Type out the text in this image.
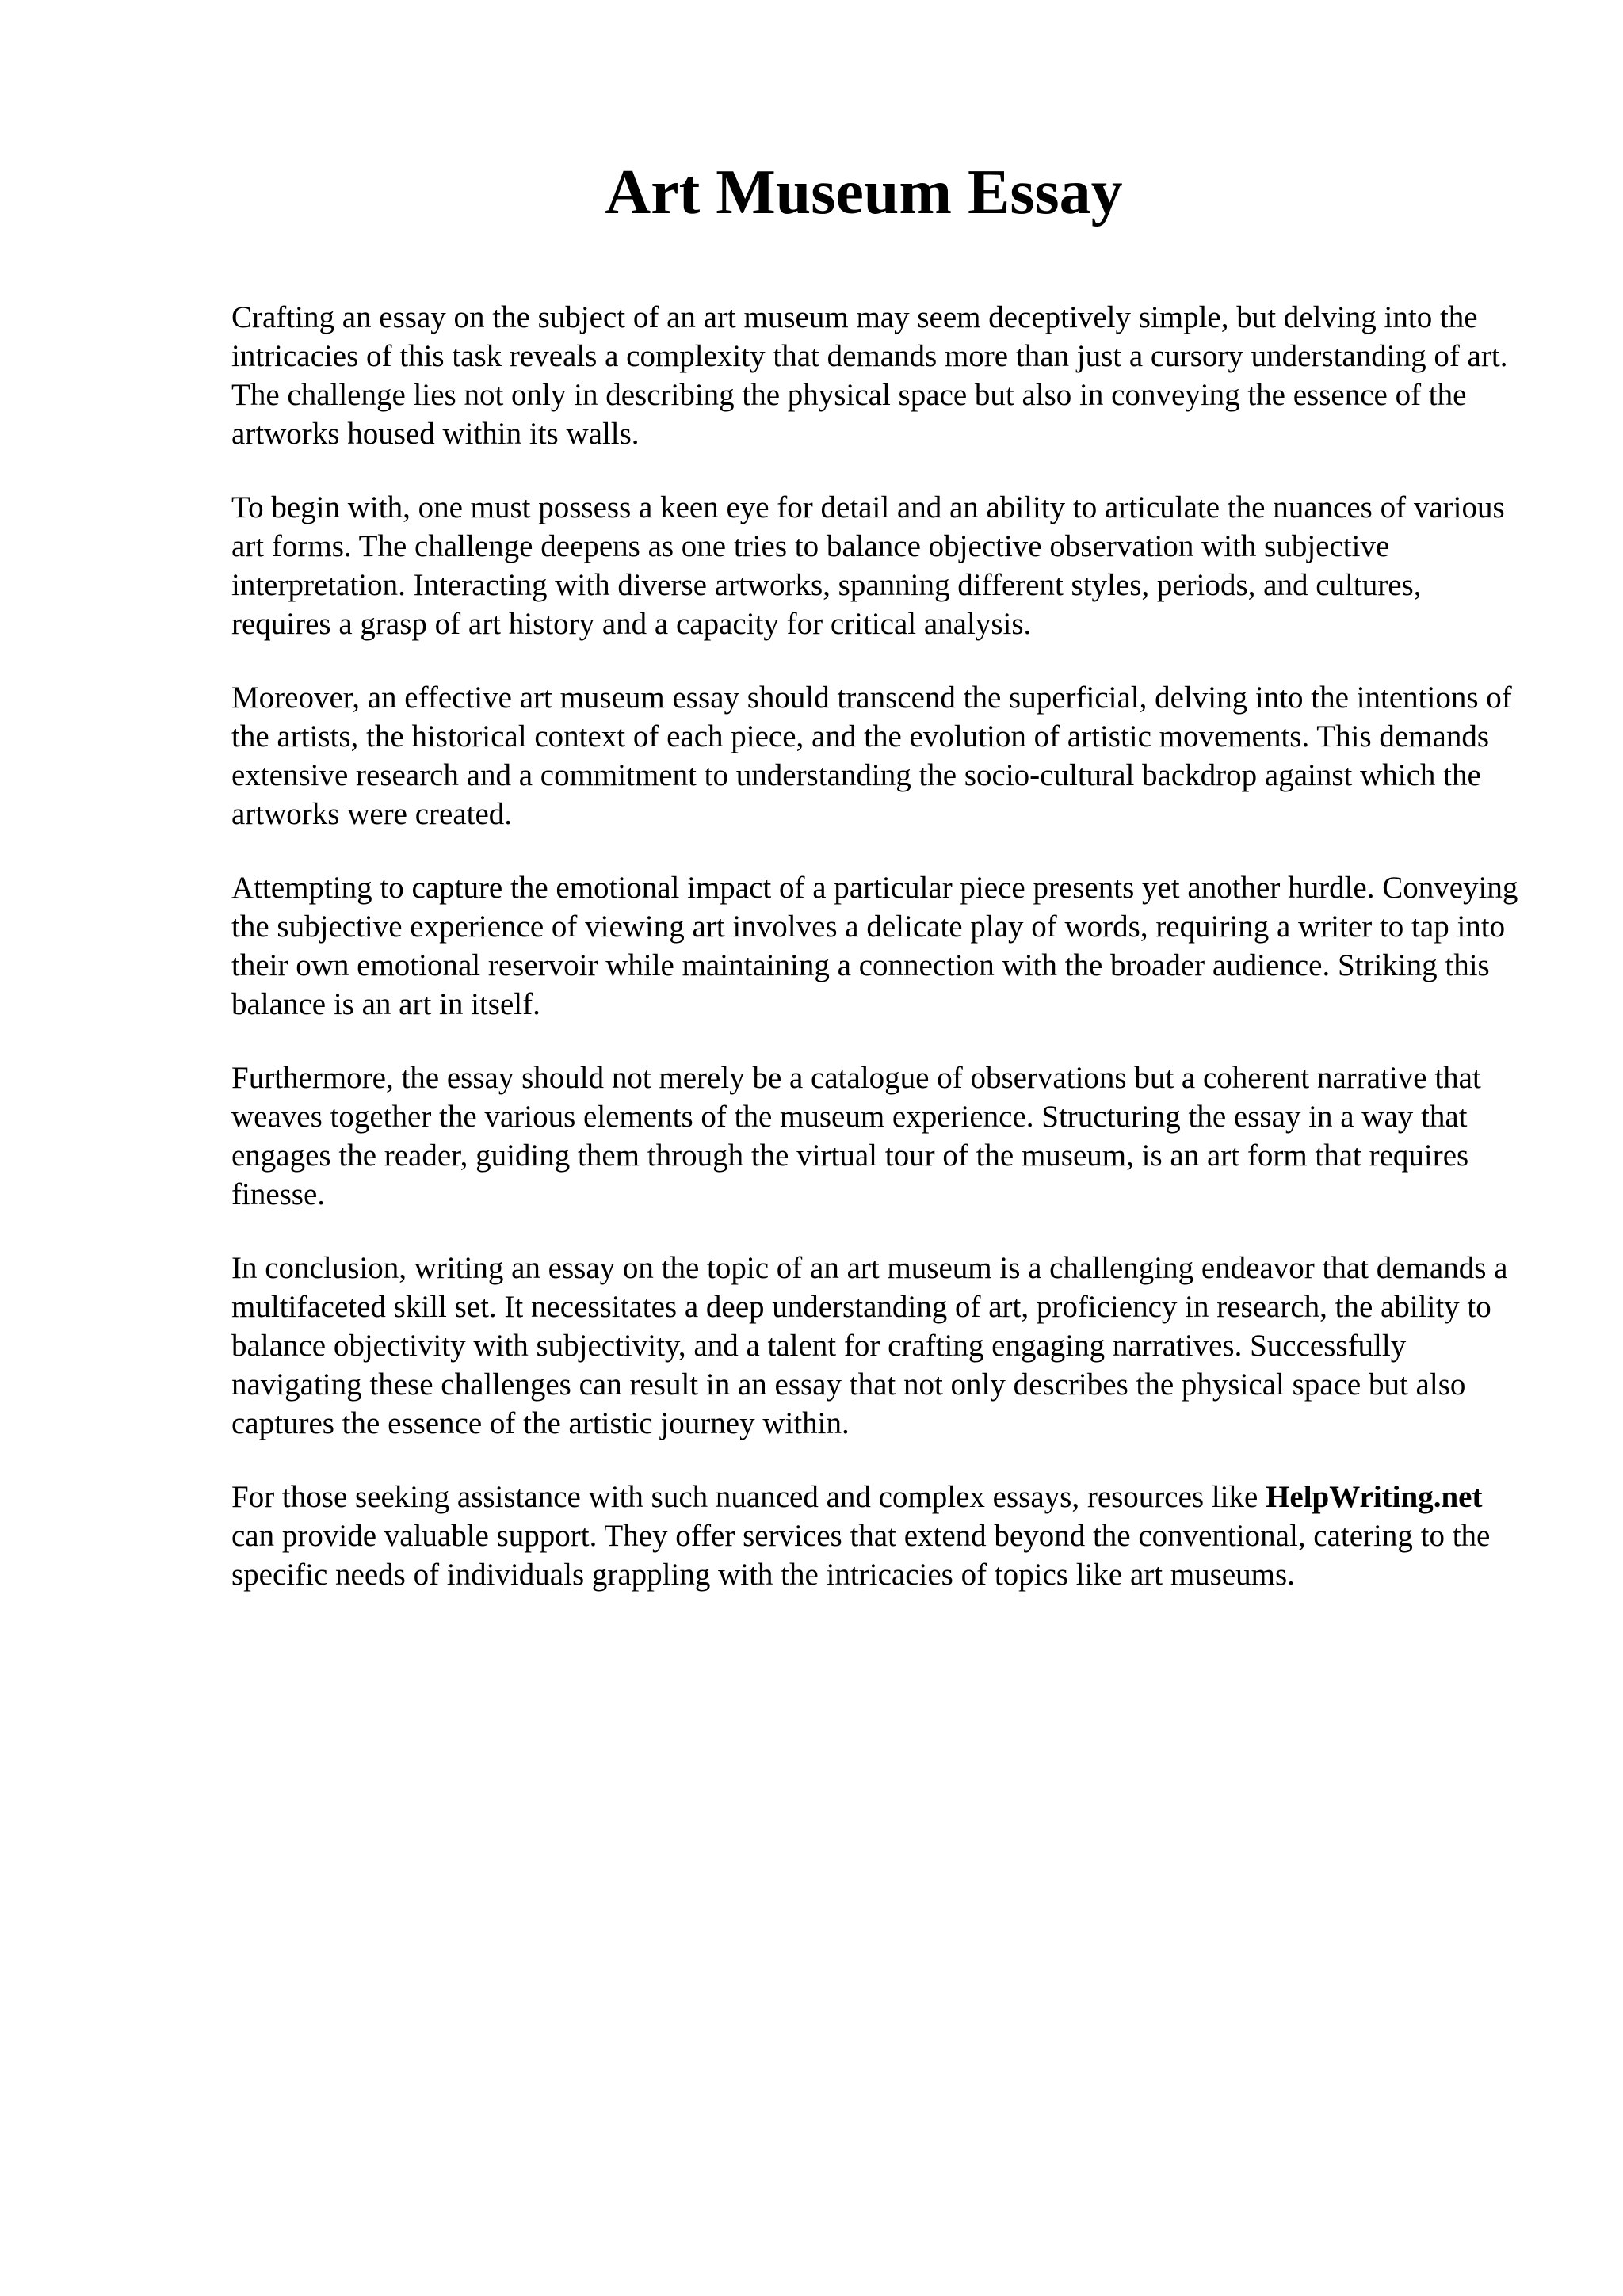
Art Museum Essay

Crafting an essay on the subject of an art museum may seem deceptively simple, but delving into the intricacies of this task reveals a complexity that demands more than just a cursory understanding of art. The challenge lies not only in describing the physical space but also in conveying the essence of the artworks housed within its walls.

To begin with, one must possess a keen eye for detail and an ability to articulate the nuances of various art forms. The challenge deepens as one tries to balance objective observation with subjective interpretation. Interacting with diverse artworks, spanning different styles, periods, and cultures, requires a grasp of art history and a capacity for critical analysis.

Moreover, an effective art museum essay should transcend the superficial, delving into the intentions of the artists, the historical context of each piece, and the evolution of artistic movements. This demands extensive research and a commitment to understanding the socio-cultural backdrop against which the artworks were created.

Attempting to capture the emotional impact of a particular piece presents yet another hurdle. Conveying the subjective experience of viewing art involves a delicate play of words, requiring a writer to tap into their own emotional reservoir while maintaining a connection with the broader audience. Striking this balance is an art in itself.

Furthermore, the essay should not merely be a catalogue of observations but a coherent narrative that weaves together the various elements of the museum experience. Structuring the essay in a way that engages the reader, guiding them through the virtual tour of the museum, is an art form that requires finesse.

In conclusion, writing an essay on the topic of an art museum is a challenging endeavor that demands a multifaceted skill set. It necessitates a deep understanding of art, proficiency in research, the ability to balance objectivity with subjectivity, and a talent for crafting engaging narratives. Successfully navigating these challenges can result in an essay that not only describes the physical space but also captures the essence of the artistic journey within.

For those seeking assistance with such nuanced and complex essays, resources like HelpWriting.net can provide valuable support. They offer services that extend beyond the conventional, catering to the specific needs of individuals grappling with the intricacies of topics like art museums.
